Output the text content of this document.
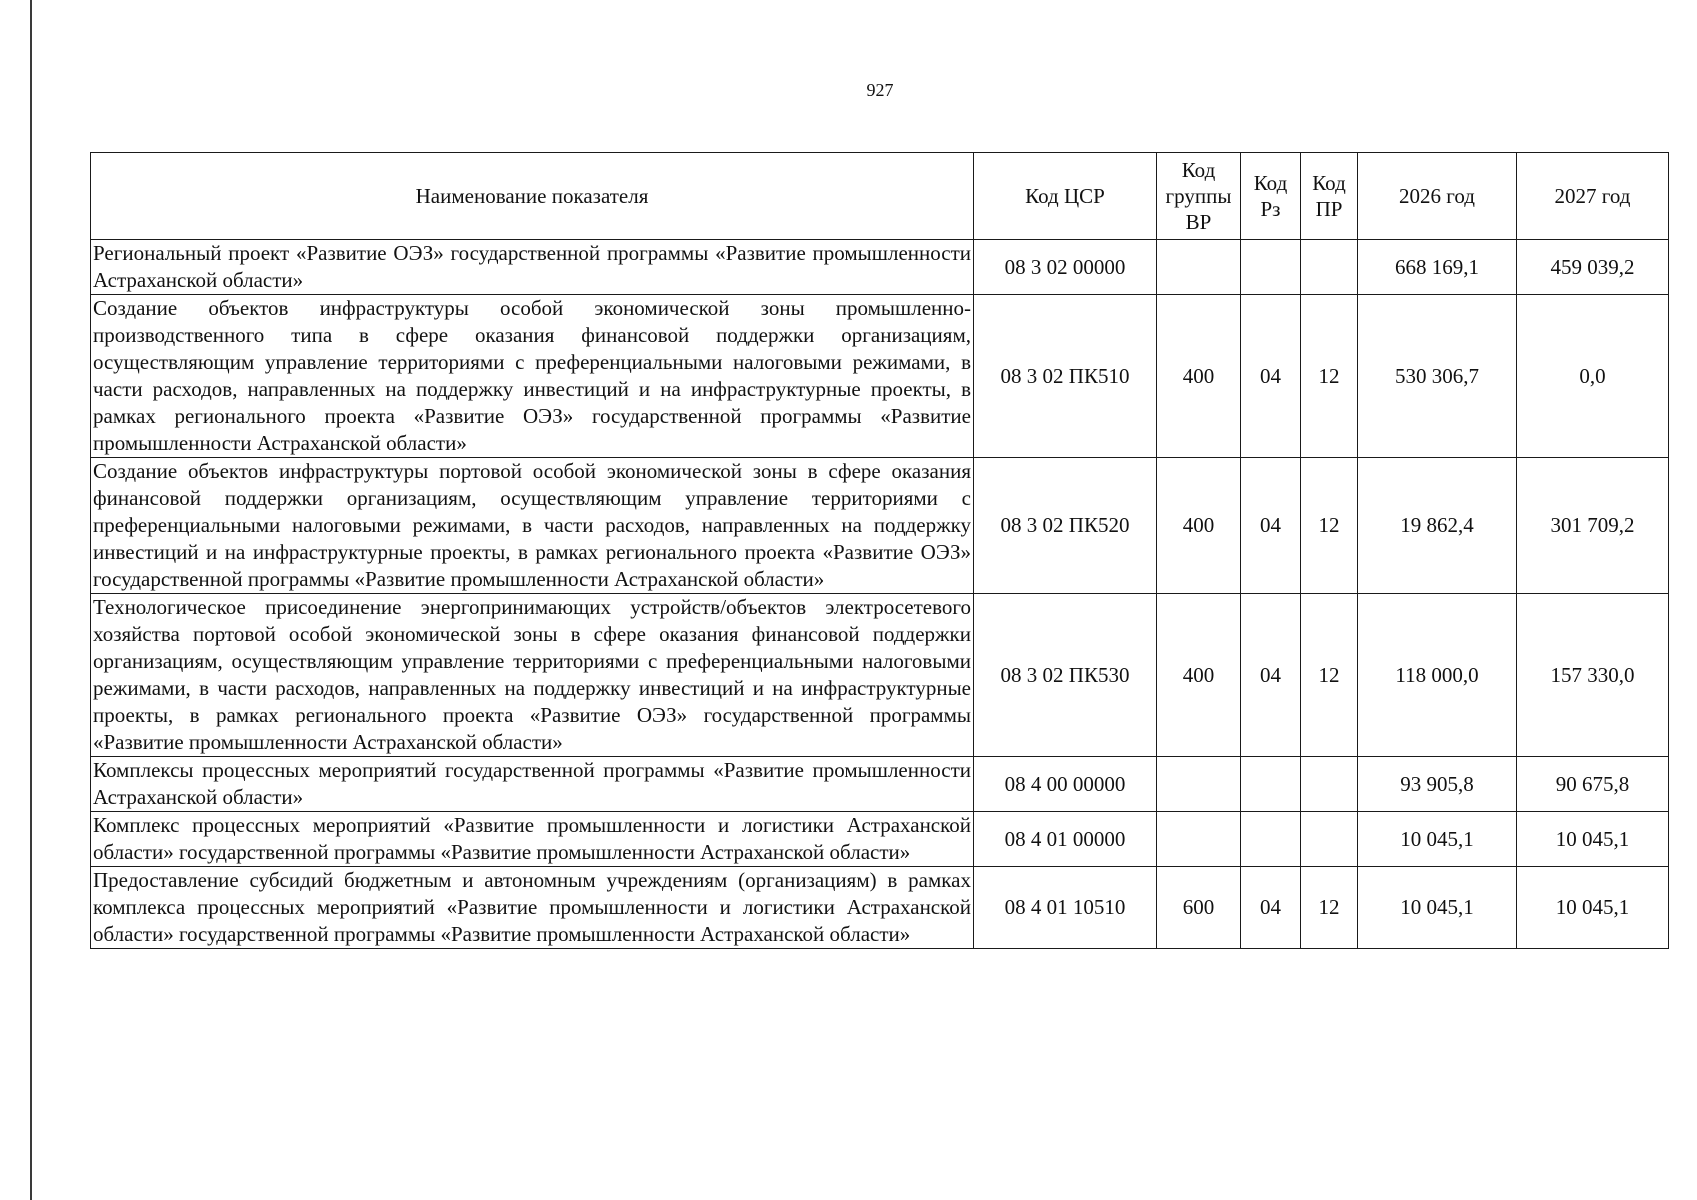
927
Наименование показателя	Код ЦСР	Код группы ВР	Код Рз	Код ПР	2026 год	2027 год
Региональный проект «Развитие ОЭЗ» государственной программы «Развитие промышленности Астраханской области»	08 3 02 00000				668 169,1	459 039,2
Создание объектов инфраструктуры особой экономической зоны промышленно-производственного типа в сфере оказания финансовой поддержки организациям, осуществляющим управление территориями с преференциальными налоговыми режимами, в части расходов, направленных на поддержку инвестиций и на инфраструктурные проекты, в рамках регионального проекта «Развитие ОЭЗ» государственной программы «Развитие промышленности Астраханской области»	08 3 02 ПК510	400	04	12	530 306,7	0,0
Создание объектов инфраструктуры портовой особой экономической зоны в сфере оказания финансовой поддержки организациям, осуществляющим управление территориями с преференциальными налоговыми режимами, в части расходов, направленных на поддержку инвестиций и на инфраструктурные проекты, в рамках регионального проекта «Развитие ОЭЗ» государственной программы «Развитие промышленности Астраханской области»	08 3 02 ПК520	400	04	12	19 862,4	301 709,2
Технологическое присоединение энергопринимающих устройств/объектов электросетевого хозяйства портовой особой экономической зоны в сфере оказания финансовой поддержки организациям, осуществляющим управление территориями с преференциальными налоговыми режимами, в части расходов, направленных на поддержку инвестиций и на инфраструктурные проекты, в рамках регионального проекта «Развитие ОЭЗ» государственной программы «Развитие промышленности Астраханской области»	08 3 02 ПК530	400	04	12	118 000,0	157 330,0
Комплексы процессных мероприятий государственной программы «Развитие промышленности Астраханской области»	08 4 00 00000				93 905,8	90 675,8
Комплекс процессных мероприятий «Развитие промышленности и логистики Астраханской области» государственной программы «Развитие промышленности Астраханской области»	08 4 01 00000				10 045,1	10 045,1
Предоставление субсидий бюджетным и автономным учреждениям (организациям) в рамках комплекса процессных мероприятий «Развитие промышленности и логистики Астраханской области» государственной программы «Развитие промышленности Астраханской области»	08 4 01 10510	600	04	12	10 045,1	10 045,1
